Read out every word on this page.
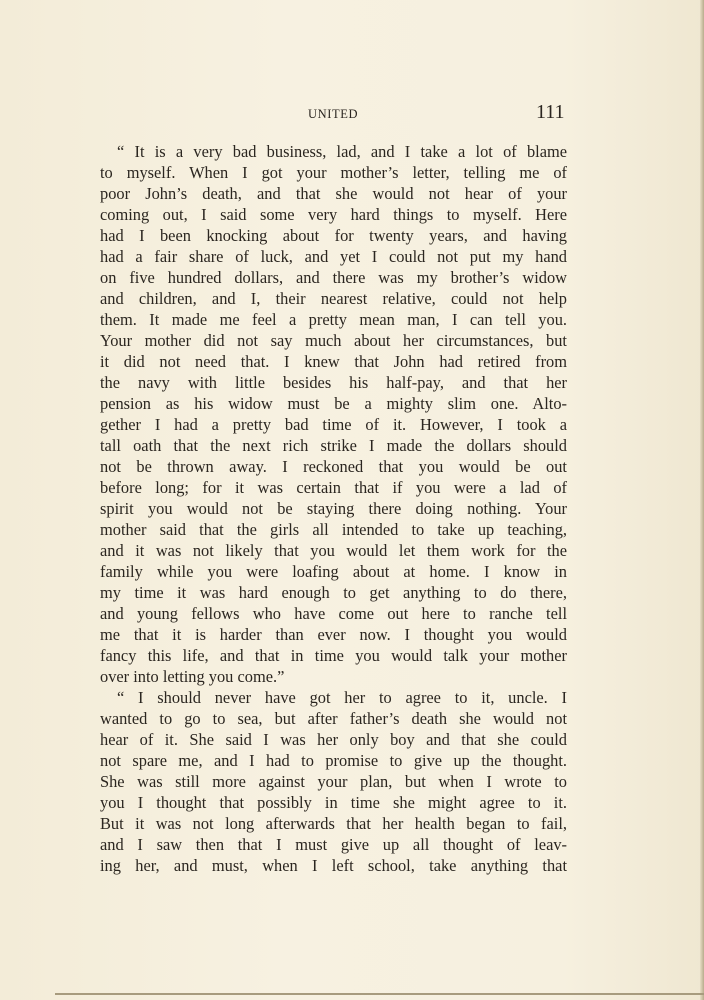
UNITED	111
“ It is a very bad business, lad, and I take a lot of blame
to myself. When I got your mother’s letter, telling me of
poor John’s death, and that she would not hear of your
coming out, I said some very hard things to myself. Here
had I been knocking about for twenty years, and having
had a fair share of luck, and yet I could not put my hand
on five hundred dollars, and there was my brother’s widow
and children, and I, their nearest relative, could not help
them. It made me feel a pretty mean man, I can tell you.
Your mother did not say much about her circumstances, but
it did not need that. I knew that John had retired from
the navy with little besides his half-pay, and that her
pension as his widow must be a mighty slim one. Alto-
gether I had a pretty bad time of it. However, I took a
tall oath that the next rich strike I made the dollars should
not be thrown away. I reckoned that you would be out
before long; for it was certain that if you were a lad of
spirit you would not be staying there doing nothing. Your
mother said that the girls all intended to take up teaching,
and it was not likely that you would let them work for the
family while you were loafing about at home. I know in
my time it was hard enough to get anything to do there,
and young fellows who have come out here to ranche tell
me that it is harder than ever now. I thought you would
fancy this life, and that in time you would talk your mother
over into letting you come.”
“ I should never have got her to agree to it, uncle. I
wanted to go to sea, but after father’s death she would not
hear of it. She said I was her only boy and that she could
not spare me, and I had to promise to give up the thought.
She was still more against your plan, but when I wrote to
you I thought that possibly in time she might agree to it.
But it was not long afterwards that her health began to fail,
and I saw then that I must give up all thought of leav-
ing her, and must, when I left school, take anything that
